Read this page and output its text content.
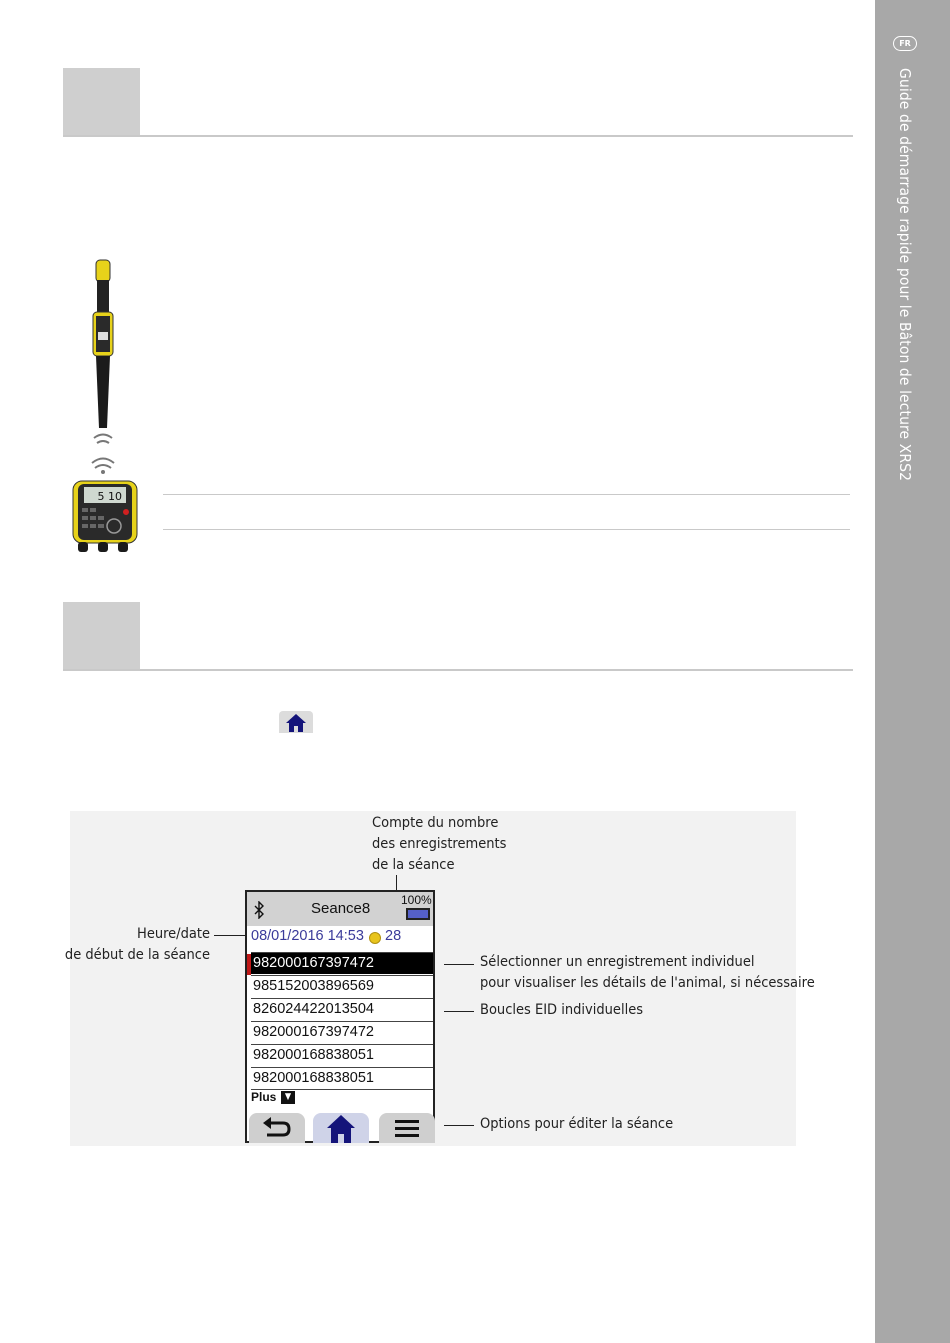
FR
Guide de démarrage rapide pour le Bâton de lecture XRS2
5 10
Compte du nombre
des enregistrements
de la séance
Heure/date
de début de la séance	Sélectionner un enregistrement individuel
pour visualiser les détails de l'animal, si nécessaire
Boucles EID individuelles
Options pour éditer la séance
Seance8	100%
08/01/2016 14:53 28
982000167397472
985152003896569
826024422013504
982000167397472
982000168838051
982000168838051
Plus ▼
